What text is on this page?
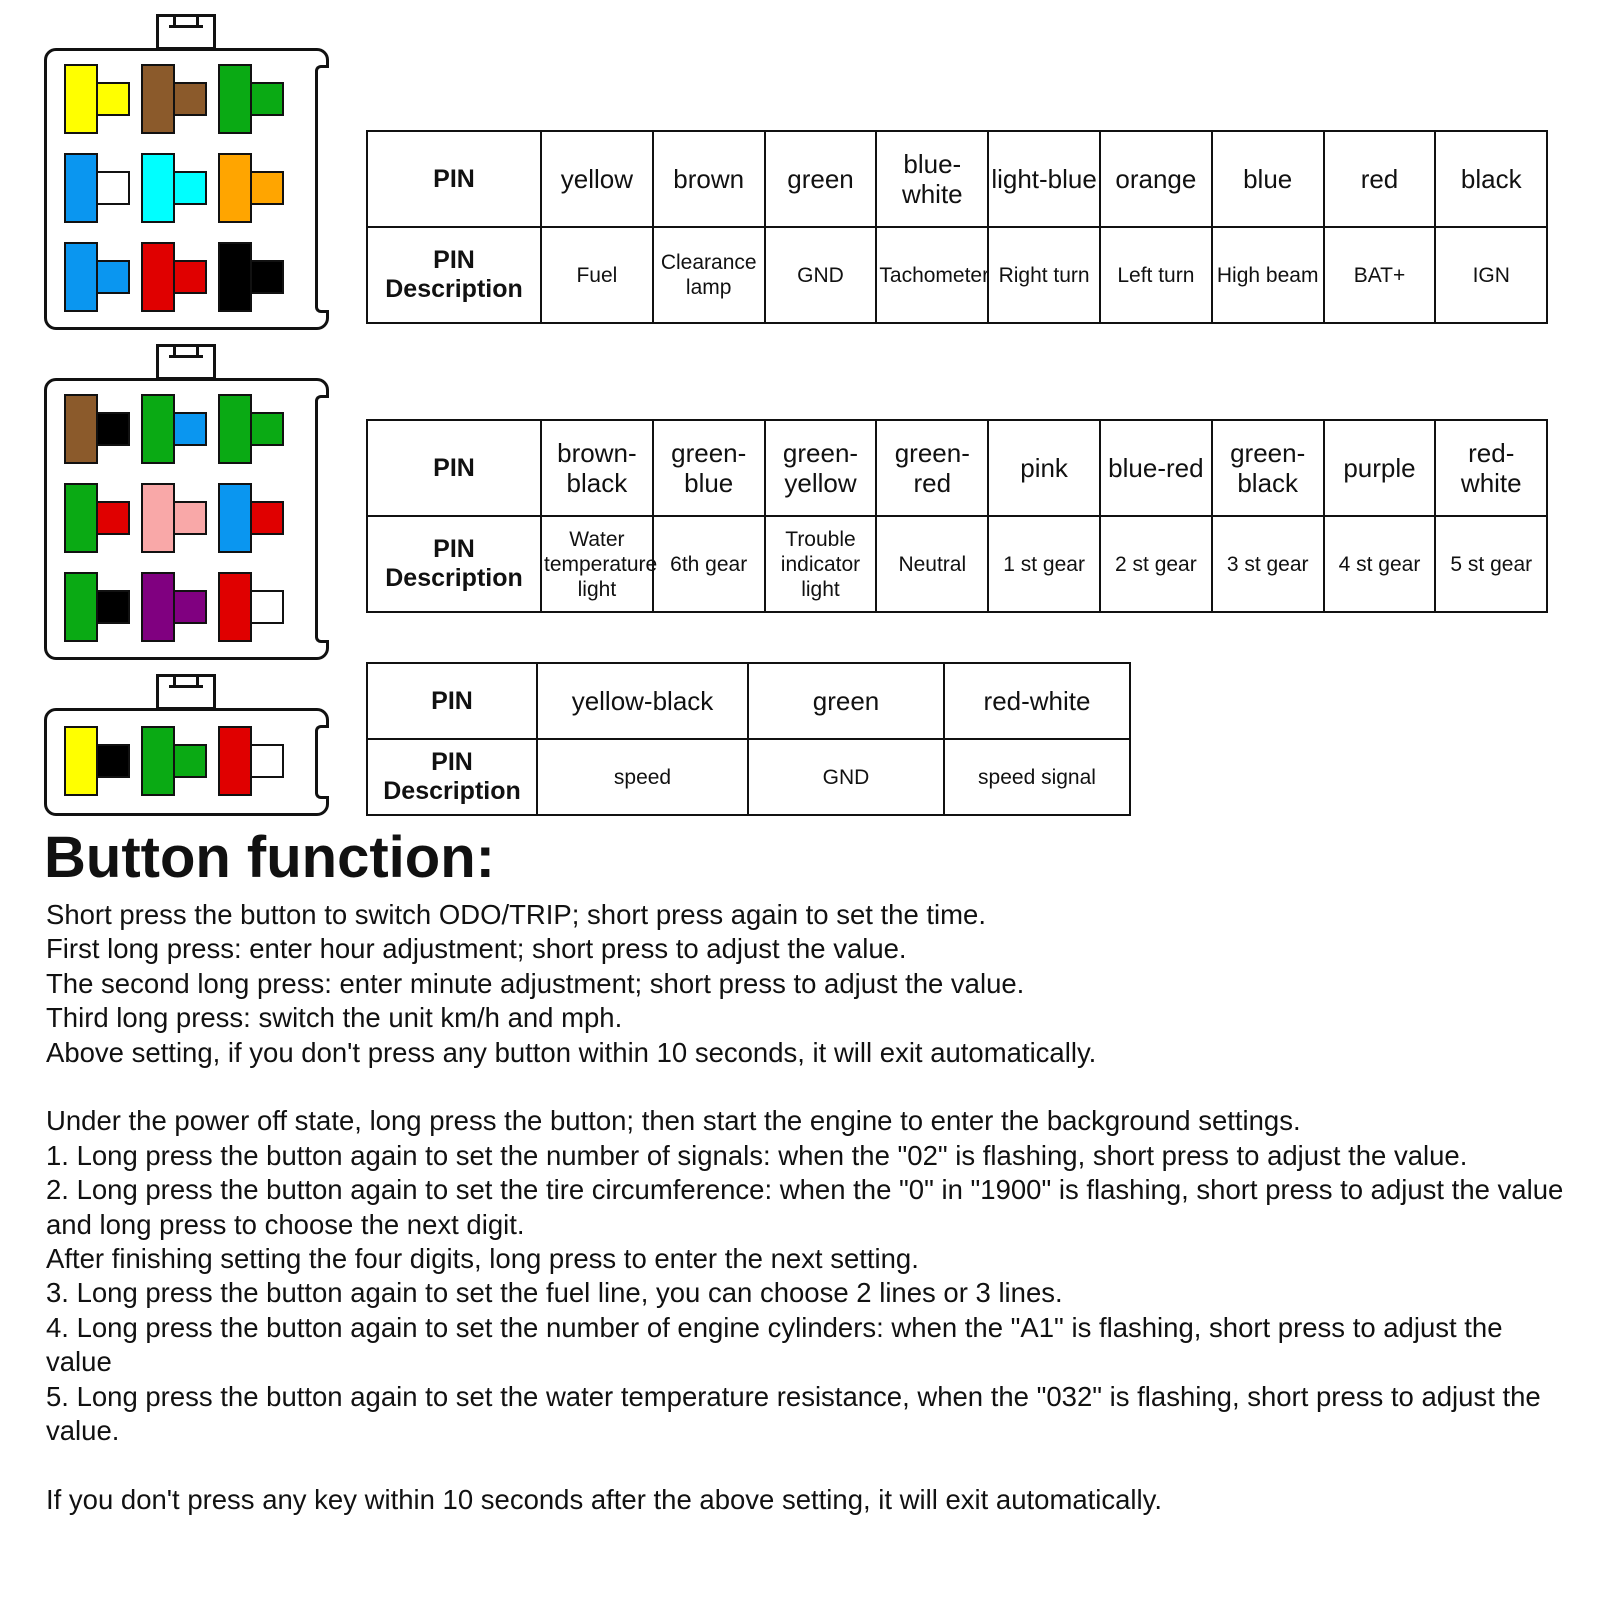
PIN	yellow	brown	green	blue-white	light-blue	orange	blue	red	black
PIN Description	Fuel	Clearance lamp	GND	Tachometer	Right turn	Left turn	High beam	BAT+	IGN
PIN	brown-black	green-blue	green-yellow	green-red	pink	blue-red	green-black	purple	red-white
PIN Description	Water temperature light	6th gear	Trouble indicator light	Neutral	1 st gear	2 st gear	3 st gear	4 st gear	5 st gear
PIN	yellow-black	green	red-white
PIN Description	speed	GND	speed signal
Button function:

Short press the button to switch ODO/TRIP; short press again to set the time.

First long press: enter hour adjustment; short press to adjust the value.

The second long press: enter minute adjustment; short press to adjust the value.

Third long press: switch the unit km/h and mph.

Above setting, if you don't press any button within 10 seconds, it will exit automatically.

Under the power off state, long press the button; then start the engine to enter the background settings.

1. Long press the button again to set the number of signals: when the "02" is flashing, short press to adjust the value.

2. Long press the button again to set the tire circumference: when the "0" in "1900" is flashing, short press to adjust the value and long press to choose the next digit.

After finishing setting the four digits, long press to enter the next setting.

3. Long press the button again to set the fuel line, you can choose 2 lines or 3 lines.

4. Long press the button again to set the number of engine cylinders: when the "A1" is flashing, short press to adjust the value

5. Long press the button again to set the water temperature resistance, when the "032" is flashing, short press to adjust the value.

If you don't press any key within 10 seconds after the above setting, it will exit automatically.
